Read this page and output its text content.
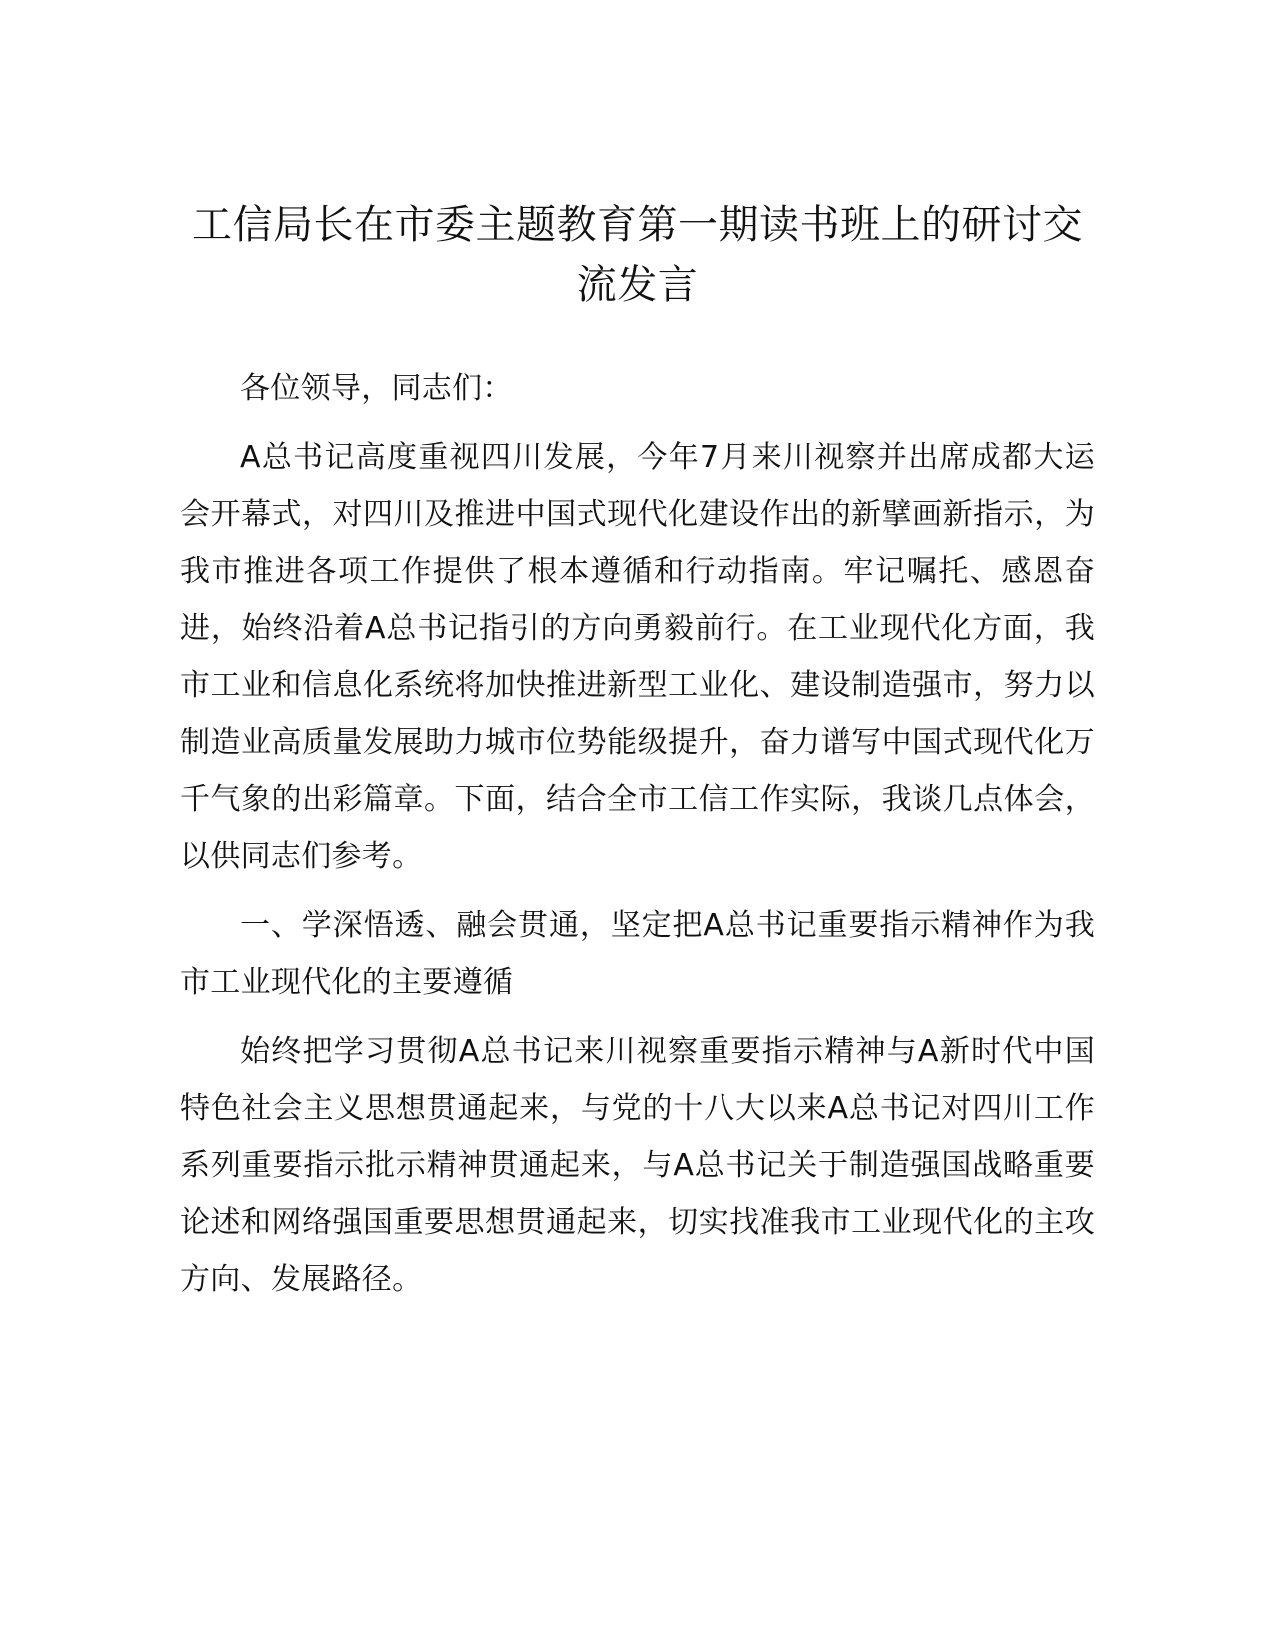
工信局长在市委主题教育第一期读书班上的研讨交流发言

各位领导，同志们：

A总书记高度重视四川发展，今年7月来川视察并出席成都大运会开幕式，对四川及推进中国式现代化建设作出的新擘画新指示，为我市推进各项工作提供了根本遵循和行动指南。牢记嘱托、感恩奋进，始终沿着A总书记指引的方向勇毅前行。在工业现代化方面，我市工业和信息化系统将加快推进新型工业化、建设制造强市，努力以制造业高质量发展助力城市位势能级提升，奋力谱写中国式现代化万千气象的出彩篇章。下面，结合全市工信工作实际，我谈几点体会，以供同志们参考。

一、学深悟透、融会贯通，坚定把A总书记重要指示精神作为我市工业现代化的主要遵循

始终把学习贯彻A总书记来川视察重要指示精神与A新时代中国特色社会主义思想贯通起来，与党的十八大以来A总书记对四川工作系列重要指示批示精神贯通起来，与A总书记关于制造强国战略重要论述和网络强国重要思想贯通起来，切实找准我市工业现代化的主攻方向、发展路径。
